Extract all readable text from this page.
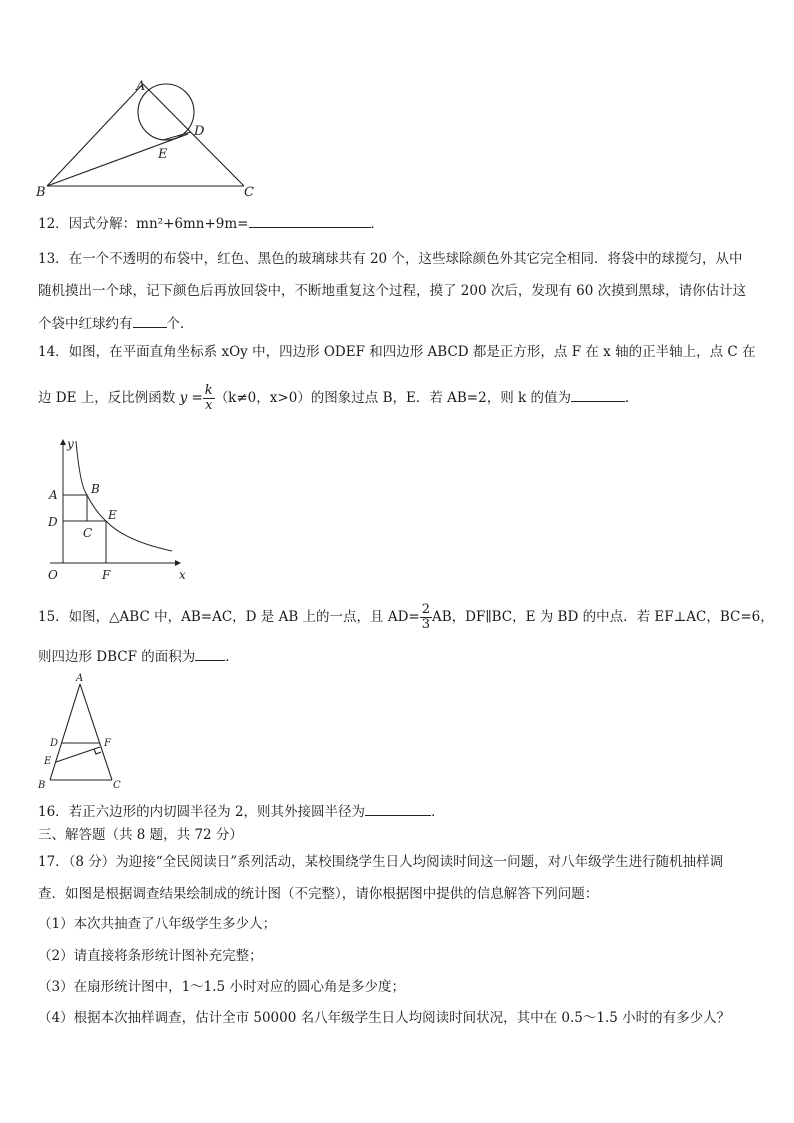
A
B	C
D
E
12．因式分解：mn²+6mn+9m=	．
13．在一个不透明的布袋中，红色、黑色的玻璃球共有 20 个，这些球除颜色外其它完全相同．将袋中的球搅匀，从中
随机摸出一个球，记下颜色后再放回袋中，不断地重复这个过程，摸了 200 次后，发现有 60 次摸到黑球，请你估计这
个袋中红球约有	个．
14．如图，在平面直角坐标系 xOy 中，四边形 ODEF 和四边形 ABCD 都是正方形，点 F 在 x 轴的正半轴上，点 C 在
边 DE 上，反比例函数 $y = \frac{k}{x} (k\ne 0$，x>0）的图象过点 B，E．若 AB=2，则 k 的值为	．
y
x
O
A	B
C
D	E
F
15．如图，△ABC 中，AB=AC，D 是 AB 上的一点，且 $AD= \frac{2}{3}$ AB，DF∥BC，E 为 BD 的中点．若 EF⊥AC，BC=6，
则四边形 DBCF 的面积为 ．
A
B	C
D
E
F
16．若正六边形的内切圆半径为 2，则其外接圆半径为	．
三、解答题（共 8 题，共 72 分）
17．（8 分）为迎接“全民阅读日”系列活动，某校围绕学生日人均阅读时间这一问题，对八年级学生进行随机抽样调
查．如图是根据调查结果绘制成的统计图（不完整），请你根据图中提供的信息解答下列问题：
（1）本次共抽查了八年级学生多少人；
（2）请直接将条形统计图补充完整；
（3）在扇形统计图中，1～1.5 小时对应的圆心角是多少度；
（4）根据本次抽样调查，估计全市 50000 名八年级学生日人均阅读时间状况，其中在 0.5～1.5 小时的有多少人？
